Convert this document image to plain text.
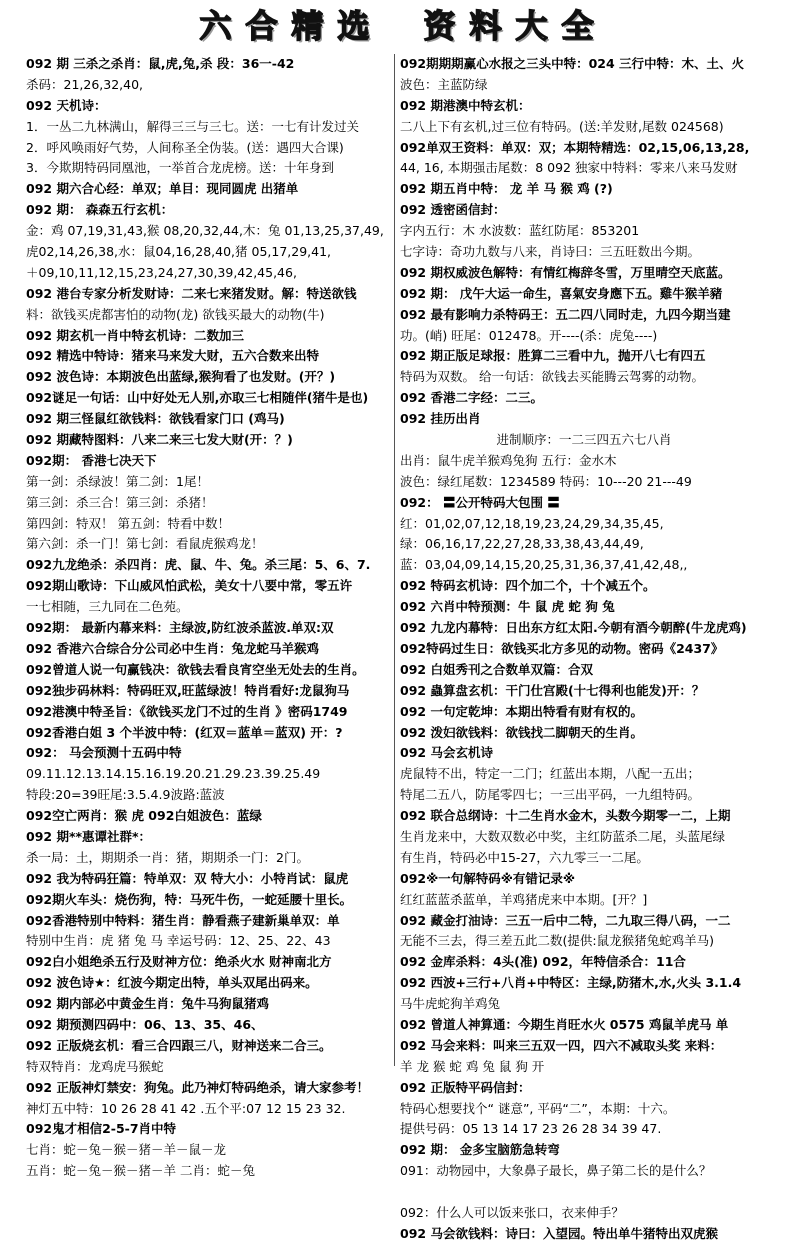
六 合 精 选 资 料 大 全
092 期 三杀之杀肖：鼠,虎,兔,杀 段：36一-42
杀码：21,26,32,40,
092 天机诗：
1．一丛二九林满山，解得三三与三七。送：一七有计发过关
2．呼风唤雨好气势，人间称圣全伪装。(送：遇四大合课)
3．今欺期特码同凰池，一举首合龙虎榜。送：十年身到
092 期六合心经：单双；单目：现同圆虎 出猪单
092 期： 森森五行玄机：
金：鸡 07,19,31,43,猴 08,20,32,44,木：兔 01,13,25,37,49,
虎02,14,26,38,水：鼠04,16,28,40,猪 05,17,29,41,
＋09,10,11,12,15,23,24,27,30,39,42,45,46,
092 港台专家分析发财诗：二来七来猪发财。解：特送欲钱
料：欲钱买虎都害怕的动物(龙) 欲钱买最大的动物(牛)
092 期玄机一肖中特玄机诗：二数加三
092 精选中特诗：猪来马来发大财，五六合数来出特
092 波色诗：本期波色出蓝绿,猴狗看了也发财。(开？)
092谜足一句话：山中好处无人别,亦取三七相随伴(猪牛是也)
092 期三怪鼠红欲钱料：欲钱看家门口 (鸡马)
092 期藏特图料：八来二来三七发大财(开：？)
092期： 香港七决天下
第一剑：杀绿波！第二剑：1尾！
第三剑：杀三合！第三剑：杀猪！
第四剑：特双！ 第五剑：特看中数！
第六剑：杀一门！第七剑：看鼠虎猴鸡龙！
092九龙绝杀：杀四肖：虎、鼠、牛、兔。杀三尾：5、6、7.
092期山歌诗：下山威风怕武松，美女十八要中常，零五许
一七相随，三九同在二色苑。
092期： 最新内幕来料：主绿波,防红波杀蓝波.单双:双
092 香港六合综合分公司必中生肖：兔龙蛇马羊猴鸡
092曾道人说一句赢钱决：欲钱去看良宵空坐无处去的生肖。
092独步码林料：特码旺双,旺蓝绿波！特肖看好:龙鼠狗马
092港澳中特圣旨：《欲钱买龙门不过的生肖 》密码1749
092香港白姐 3 个半波中特：(红双＝蓝单＝蓝双) 开：?
092： 马会预测十五码中特
09.11.12.13.14.15.16.19.20.21.29.23.39.25.49
特段:20=39旺尾:3.5.4.9波路:蓝波
092空亡两肖：猴 虎 092白姐波色：蓝绿
092 期**惠谭社群*：
杀一局：土，期期杀一肖：猪，期期杀一门：2门。
092 我为特码狂篇：特单双：双 特大小：小特肖试：鼠虎
092期火车头：烧伤狗，特：马死牛伤，一蛇延腰十里长。
092香港特别中特料：猪生肖：静看燕子建新巢单双：单
特别中生肖：虎 猪 兔 马 幸运号码：12、25、22、43
092白小姐绝杀五行及财神方位：绝杀火水 财神南北方
092 波色诗★：红波今期定出特，单头双尾出码来。
092 期内部必中黄金生肖：兔牛马狗鼠猪鸡
092 期预测四码中：06、13、35、46、
092 正版烧玄机：看三合四跟三八，财神送来二合三。
特双特肖：龙鸡虎马猴蛇
092 正版神灯禁安：狗兔。此乃神灯特码绝杀，请大家参考！
神灯五中特：10 26 28 41 42 .五个平:07 12 15 23 32.
092鬼才相信2-5-7肖中特
七肖：蛇－兔－猴－猪－羊－鼠－龙
五肖：蛇－兔－猴－猪－羊 二肖：蛇－兔
092期期期赢心水报之三头中特：024 三行中特：木、土、火
波色：主蓝防绿
092 期港澳中特玄机：
二八上下有玄机,过三位有特码。(送:羊发财,尾数 024568)
092单双王资料：单双：双；本期特精选：02,15,06,13,28,
44, 16, 本期强击尾数：8 092 独家中特料：零来八来马发财
092 期五肖中特： 龙 羊 马 猴 鸡 (?)
092 透密函信封：
字内五行：木 水波数：蓝红防尾：853201
七字诗：奇功九数与八来，肖诗曰：三五旺数出今期。
092 期权威波色解特：有情红梅辞冬雪，万里晴空天底蓝。
092 期： 戊午大运一命生，喜氣安身應下五。雞牛猴羊豬
092 最有影响力杀特码王：五二四八同时走，九四今期当建
功。(峭) 旺尾：012478。开----(杀：虎兔----)
092 期正版足球报：胜算二三看中九，抛开八七有四五
特码为双数。 给一句话：欲钱去买能腾云驾雾的动物。
092 香港二字经：二三。
092 挂历出肖
进制顺序：一二三四五六七八肖
出肖：鼠牛虎羊猴鸡兔狗 五行：金水木
波色：绿红尾数：1234589 特码：10---20 21---49
092： 〓公开特码大包围 〓
红：01,02,07,12,18,19,23,24,29,34,35,45,
绿：06,16,17,22,27,28,33,38,43,44,49,
蓝：03,04,09,14,15,20,25,31,36,37,41,42,48,,
092 特码玄机诗：四个加二个，十个减五个。
092 六肖中特预测：牛 鼠 虎 蛇 狗 兔
092 九龙内幕特：日出东方红太阳.今朝有酒今朝醉(牛龙虎鸡)
092特码过生日：欲钱买北方多见的动物。密码《2437》
092 白姐秀刊之合数单双篇：合双
092 蟲算盘玄机：干门仕宫殿(十七得利也能发)开：？
092 一句定乾坤：本期出特看有财有权的。
092 泼妇欲钱料：欲钱找二脚朝天的生肖。
092 马会玄机诗
虎鼠特不出，特定一二门；红蓝出本期，八配一五出；
特尾二五八，防尾零四七；一三出平码，一九组特码。
092 联合总纲诗：十二生肖水金木，头数今期零一二，上期
生肖龙来中，大数双数必中奖，主红防蓝杀二尾，头蓝尾绿
有生肖，特码必中15-27，六九零三一二尾。
092※一句解特码※有错记录※
红红蓝蓝杀蓝单，羊鸡猪虎来中本期。[开？]
092 藏金打油诗：三五一后中二特，二九取三得八码，一二
无能不三去，得三差五此二数(提供:鼠龙猴猪兔蛇鸡羊马)
092 金库杀料：4头(准) 092，年特信杀合：11合
092 西波+三行+八肖+中特区：主绿,防猪木,水,火头 3.1.4
马牛虎蛇狗羊鸡兔
092 曾道人神算通：今期生肖旺水火 0575 鸡鼠羊虎马 单
092 马会来料：叫来三五双一四，四六不减取头奖 来料：
羊 龙 猴 蛇 鸡 兔 鼠 狗 开
092 正版特平码信封：
特码心想要找个“ 谜意”, 平码“二”，本期：十六。
提供号码：05 13 14 17 23 26 28 34 39 47.
092 期： 金多宝脑筋急转弯
091：动物园中，大象鼻子最长，鼻子第二长的是什么？
092：什么人可以饭来张口，衣来伸手？
092 马会欲钱料：诗曰：入望园。特出单牛猪特出双虎猴
